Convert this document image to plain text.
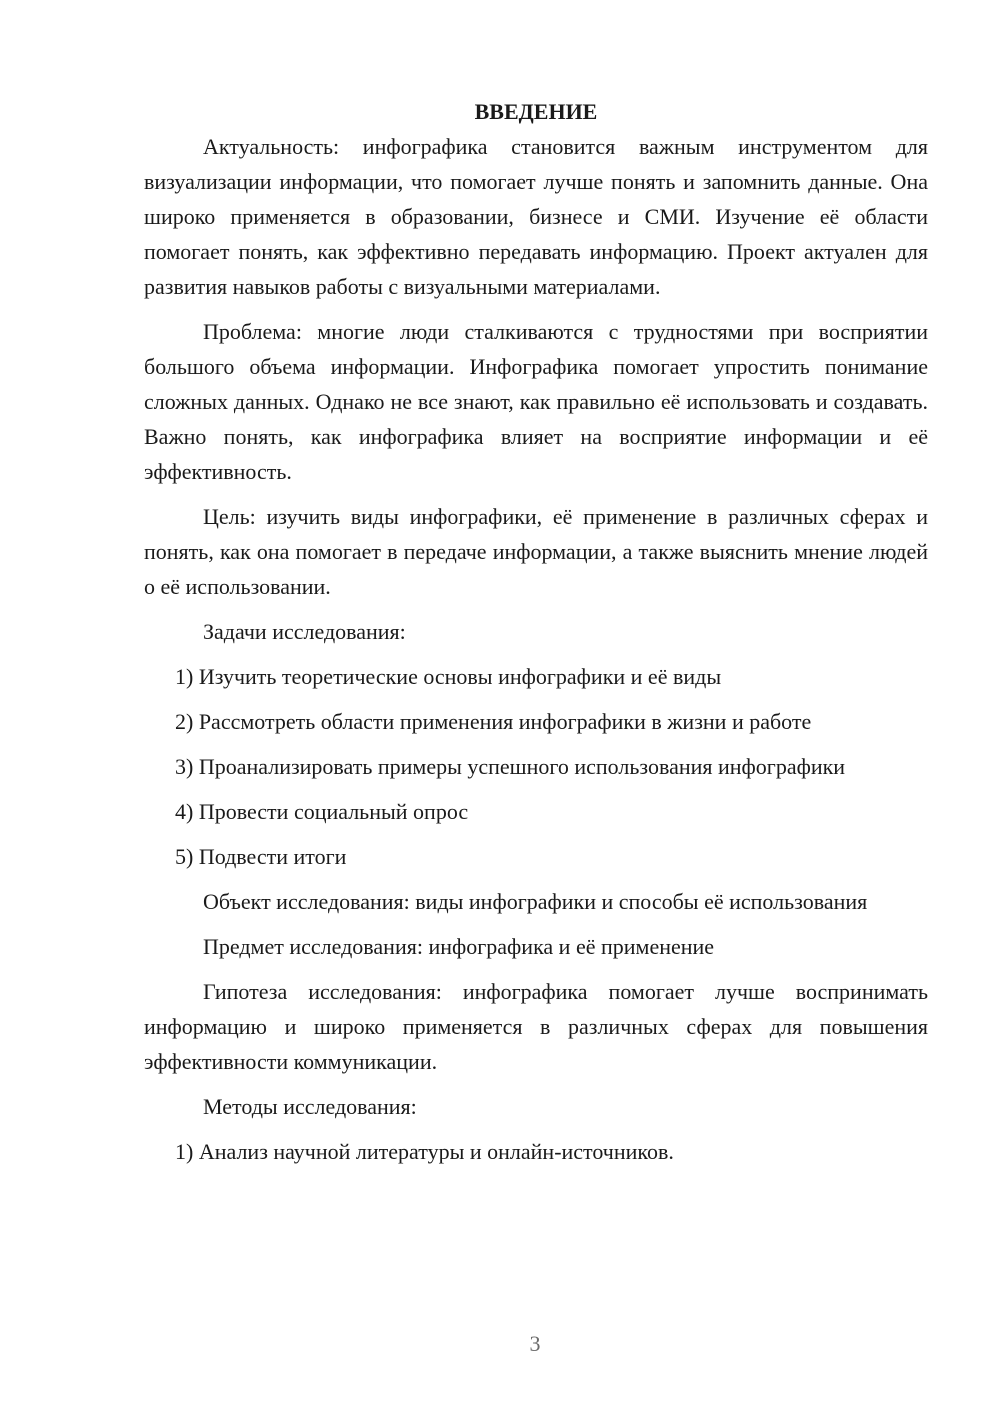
ВВЕДЕНИЕ

Актуальность: инфографика становится важным инструментом для визуализации информации, что помогает лучше понять и запомнить данные. Она широко применяется в образовании, бизнесе и СМИ. Изучение её области помогает понять, как эффективно передавать информацию. Проект актуален для развития навыков работы с визуальными материалами.

Проблема: многие люди сталкиваются с трудностями при восприятии большого объема информации. Инфографика помогает упростить понимание сложных данных. Однако не все знают, как правильно её использовать и создавать. Важно понять, как инфографика влияет на восприятие информации и её эффективность.

Цель: изучить виды инфографики, её применение в различных сферах и понять, как она помогает в передаче информации, а также выяснить мнение людей о её использовании.

Задачи исследования:

1) Изучить теоретические основы инфографики и её виды

2) Рассмотреть области применения инфографики в жизни и работе

3) Проанализировать примеры успешного использования инфографики

4) Провести социальный опрос

5) Подвести итоги

Объект исследования: виды инфографики и способы её использования

Предмет исследования: инфографика и её применение

Гипотеза исследования: инфографика помогает лучше воспринимать информацию и широко применяется в различных сферах для повышения эффективности коммуникации.

Методы исследования:

1) Анализ научной литературы и онлайн-источников.

3
